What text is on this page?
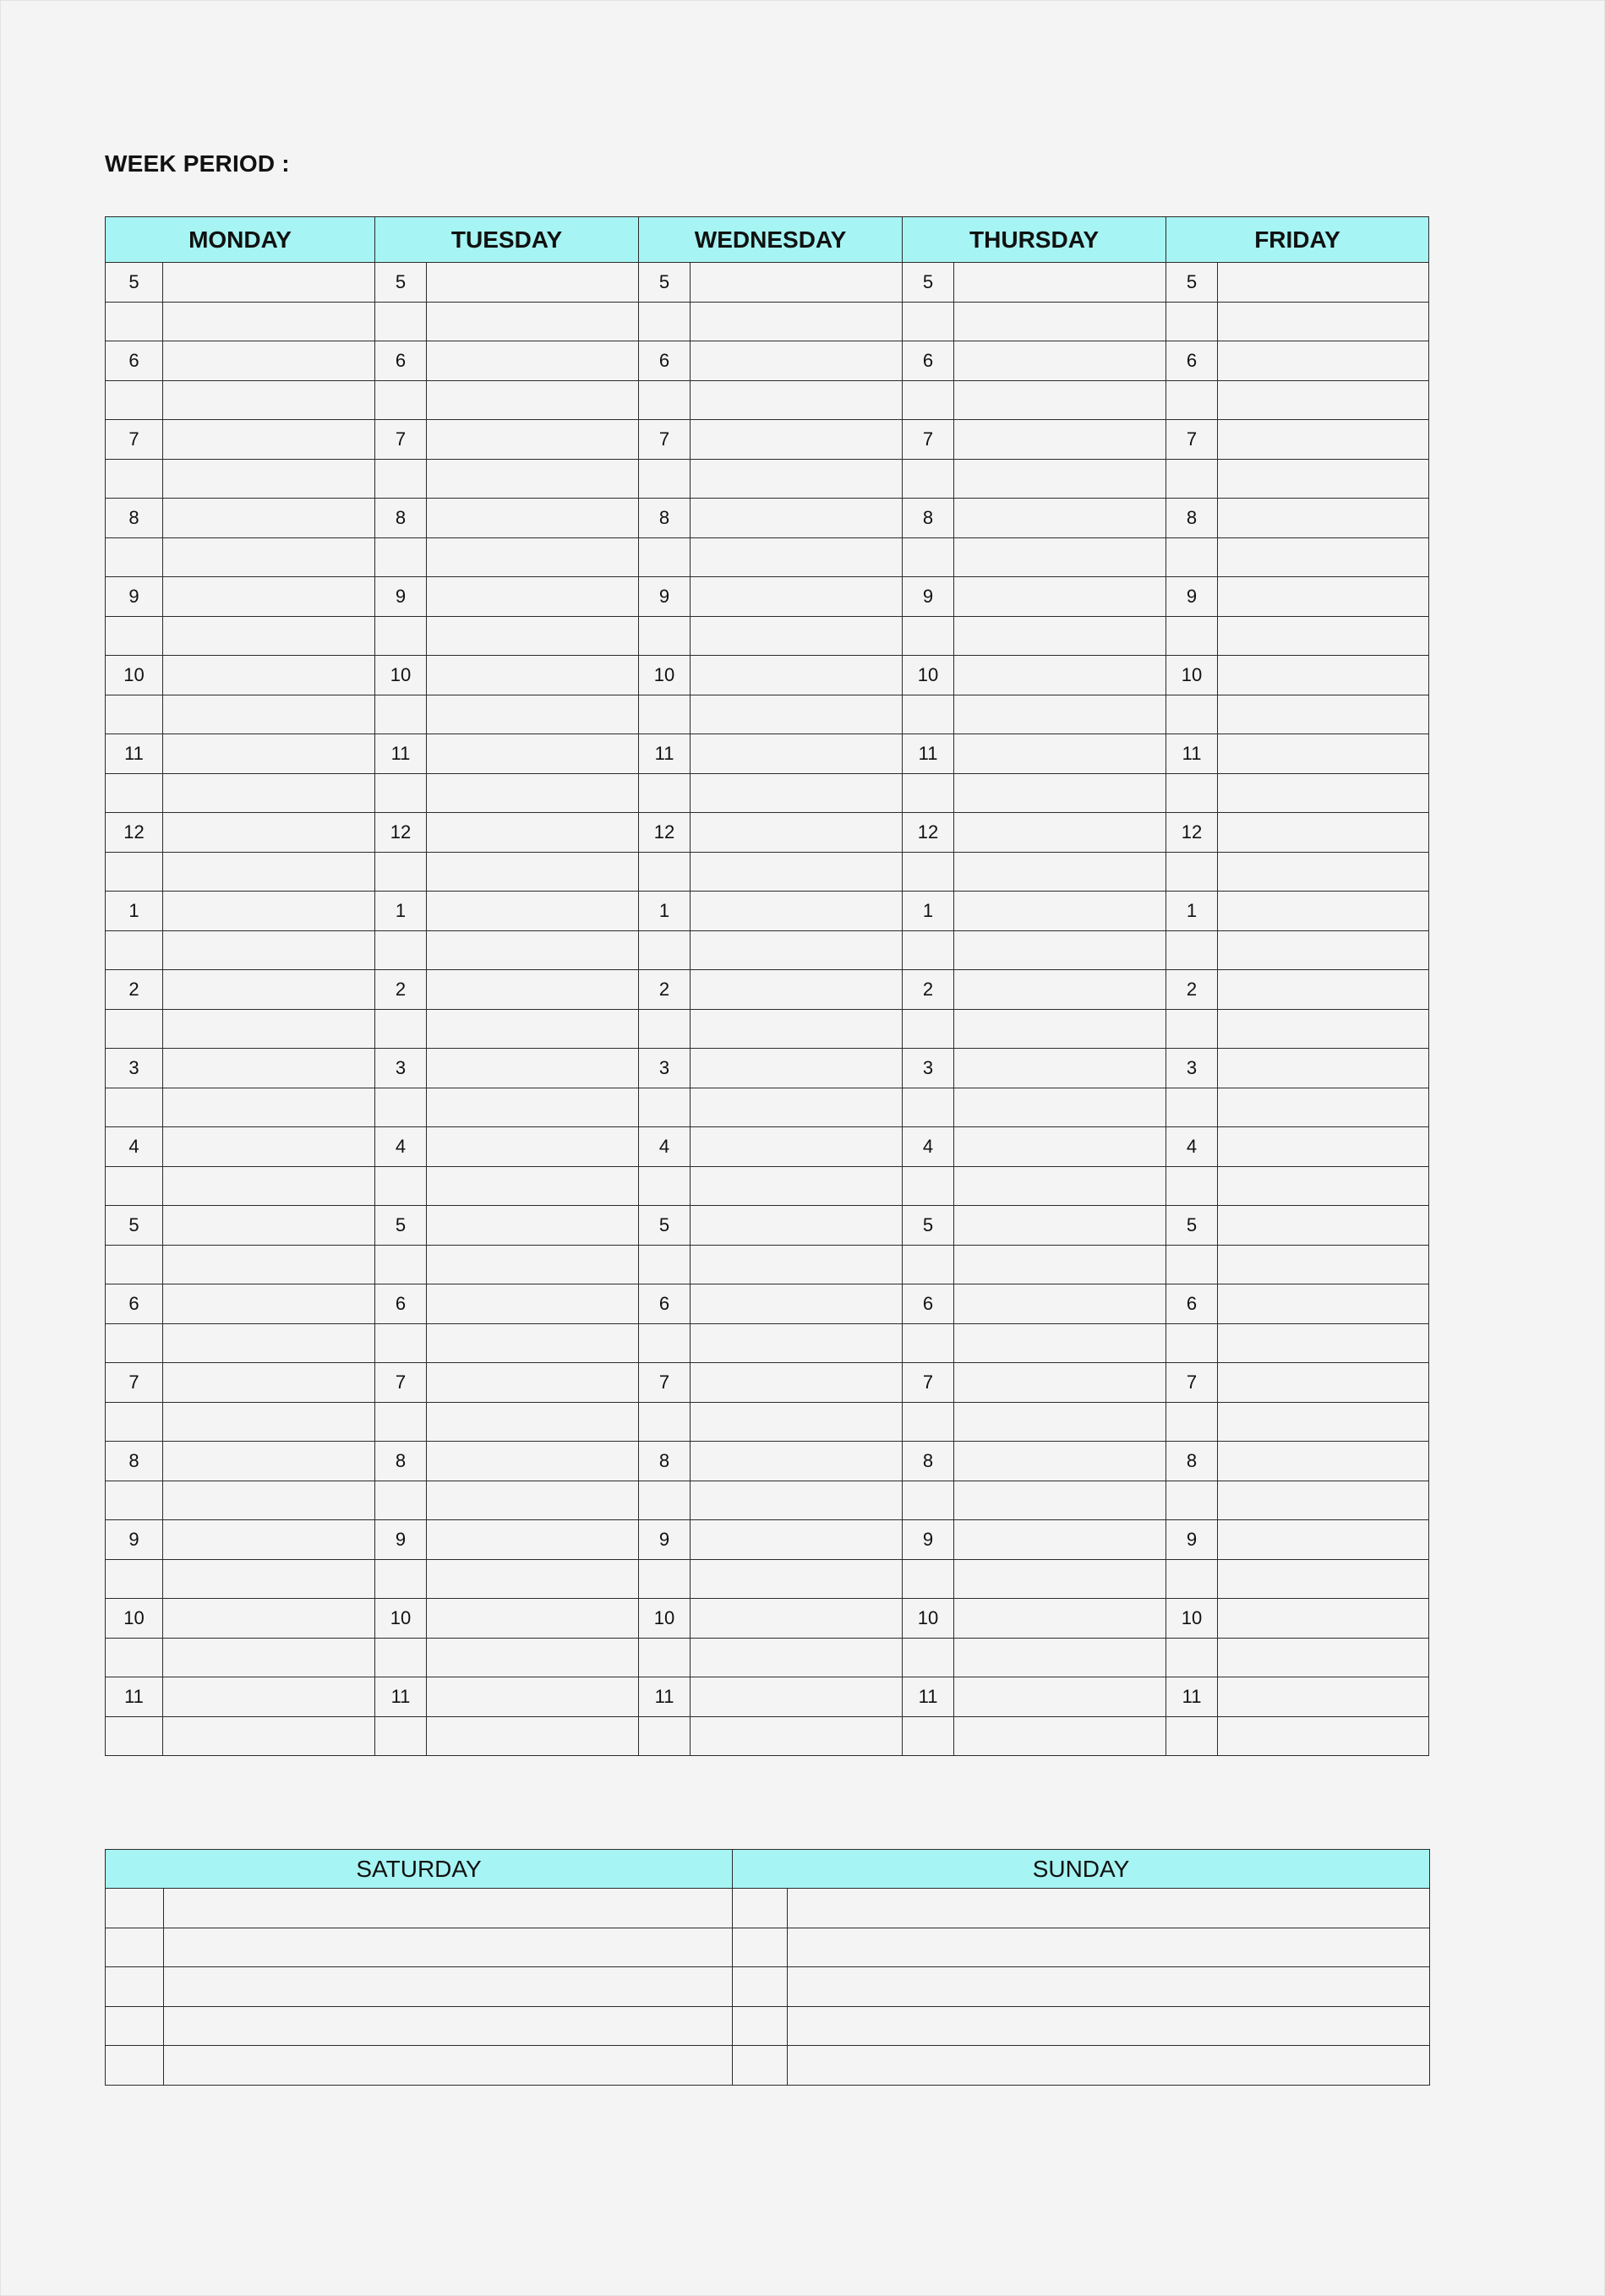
WEEK PERIOD :
MONDAY		TUESDAY		WEDNESDAY		THURSDAY		FRIDAY	
5		5		5		5		5	

6		6		6		6		6	

7		7		7		7		7	

8		8		8		8		8	

9		9		9		9		9	

10		10		10		10		10	

11		11		11		11		11	

12		12		12		12		12	

1		1		1		1		1	

2		2		2		2		2	

3		3		3		3		3	

4		4		4		4		4	

5		5		5		5		5	

6		6		6		6		6	

7		7		7		7		7	

8		8		8		8		8	

9		9		9		9		9	

10		10		10		10		10	

11		11		11		11		11	

SATURDAY		SUNDAY	
